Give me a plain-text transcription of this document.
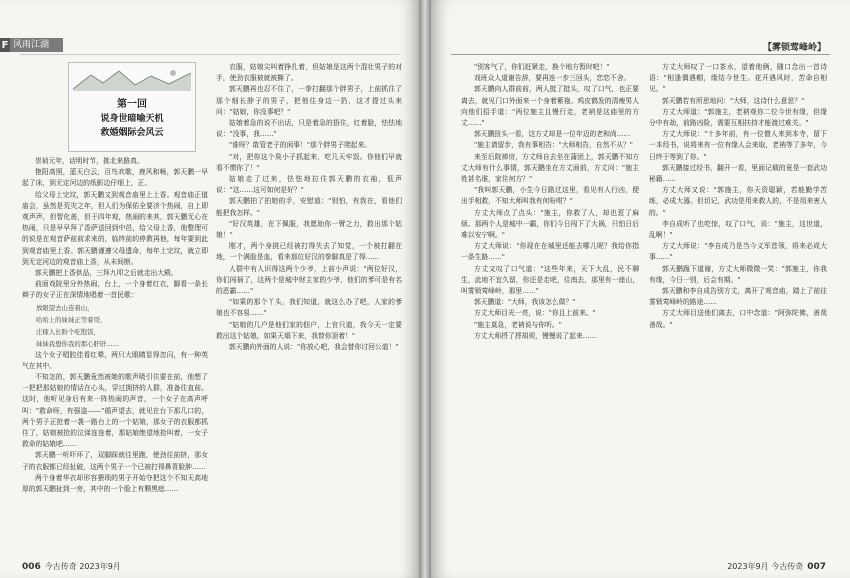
F 风雨江湖
第一回
说身世暗喻天机
救婚姻际会风云

崇祯元年，话明时节，挑北来路真。

艳阳高照，蓝天白云，百鸟欢歌，鹿风和畅，郭天鹏一早起了床，到无定河边的纸影边仔细上，正。

给父母上完坟，郭天鹏又到观音庙里上上香。观音庙正值庙会，虽然是荒灾之年，但人们为保佑全要济个热闹，自上即观声声，但智化善，但于四年观，热闹的来其，郭天鹏无心在热闹，只是早早拜了香萨送回到中邑，给父母上香，他整理可的说是在观音萨前前求来的，临终前的停教再他，每年要到此到观音庙里上香。郭天鹏谨遵父母遗命，每年上完坟，就立即到无定河边的观音庙上香，从未间断。

郭天鹏把上香供品，三拜九叩之后就走出大殿。

前面戏院里分外热闹，台上，一个身着红衣，脚看一条长辫子的女子正在深情地唱着一首民歌：

放眼望去山连着山，
哈哈上的妹妹正等着哥，
庄稼人长盼个吃饱饭，
妹妹我想你我的那心肝肝……

这个女子唱腔佳看红晕，两只大眼睛显得忽闪，有一种英气在其中。

不知怎的，郭天鹏竟然被她的歌声吸引住要在前，他想了一把把那姑娘的情话在心头，穿过拥挤的人群，准备往直前。这时，他听见身后有来一阵热闹的声音，一个女子在高声呼叫："救命呀，有强盗——"循声望去，就见在台下那几口的，两个男子正抢着一袭一路台上的一个姑娘，那女子的衣服都抓住了，姑娘被抢的泣涕连连着，那姑娘绝望地抢叫着，一女子救命的姑娘吧……

郭天鹏一听吓坏了，双脚踩就往里跑，使劲往前挤，那女子的衣服都已经扯破，这两个男子一个已被打得鼻青脸肿……

两个身着华衣却形容猥琐的男子开始夺把这个不知天高地厚的郭天鹏扯到一旁，其中的一个脸上有颗黑痣……

衣服，姑娘尖叫着挣扎着，但姑娘是这两个混壮男子的对手，使劲衣服被就被撕了。

郭天鹏再也忍不住了，一拳打翻那个胖男子，上前抓住了那个细长脖子的男子，把他往身边一扔，这才提过头来问："姑娘，你没事吧？"

姑娘着急的说不出话，只是着急的捂住，红着脸，怯怯地说："没事，我……"

"谁呀？敢管老子的闲事！"那个胖男子爬起来。

"对，把你这个臭小子抓起来，吃几天牢饭。你他们早就看不惯你了！"

姑娘走了过来，怯怯地拉住郭天鹏的衣袖，低声说："这……这可如何是好？"

郭天鹏拍了拍她的手，安慰道："别怕，有我在，看他们能把我怎样。"

"好汉英雄，在下佩服，我愿助你一臂之力，救出那个姑娘！"

刚才，两个身挑已经被打得失去了知觉，一个被打翻在地，一个满脸是血，看来那位好汉的拳脚真是了得……

人群中有人识得这两个少爷，上前小声说："两位好汉，你们闯祸了，这两个是城中财主家的少爷，他们的爹可是有名的恶霸……"

"如果的那个丫头，我们知道，就这么办了吧，人家的爹娘也不容易……"

"姑娘的几户是他们家的佃户，上官只道，我今天一定要救出这个姑娘，如果天塌下来，我替你顶着！"

郭天鹏向外面的人说："你放心吧，我会替你讨回公道！"

006 今古传奇 2023年9月
【雾锁莺峰岭】

"别客气了，你们赶紧走，换个地方暂时吧！"

戏班众人道谢告辞，要再连一步三回头，恋恋不舍。

郭天鹏向人群前前，两人挺了挺头，叹了口气，也正要离去，就见门口外面来一个身着紫袍、鸡皮鹤发的清瘦男人向他们招手道："两位施主且慢行走，老衲是这庙里的方丈……"

郭天鹏扭头一看，这方丈却是一位年迈的老和尚……

"施主请留步，我有事相告："大师相告，自然不从？"

来至后院禅房，方丈师自去坐在蒲团上，郭天鹏不知方丈大师有什么事情，郭天鹏坐在方丈面前，方丈问："施主姓甚名谁，家住何方？"

"我叫郭天鹏，小生今日路过这里，看见有人行凶，便出手相救，不知大师叫我有何吩咐？"

方丈大师点了点头："施主，你救了人，却也惹了麻烦。那两个人是城中一霸，你们今日闯下了大祸，只怕日后难以安宁啊。"

方丈大师说："你现在在城里还能去哪儿呢？我给你指一条生路……"

方丈又叹了口气道："这些年来，天下大乱，民不聊生，此地不宜久留，你还是走吧，往南去，那里有一座山，叫雾锁莺峰岭，那里……"

郭天鹏道："大师，我该怎么做？"

方丈大师目光一亮，说："你且上前来。"

"施主莫急，老衲说与你听。"

方丈大师捋了捋胡须，慢慢说了起来……

方丈大师叹了一口茶水，望着他俩，随口念出一首诗语："相逢偶遇帽，缘结今世生。花开遇风时，苦命自相见。"

郭天鹏若有所思地问："大师，这诗什么意思？"

方丈大师道："郭施主，老衲观你二位今世有缘，但缘分中有劫，前路凶险，需要互相扶持才能渡过难关。"

方丈大师说："十多年前，有一位僧人来到本寺，留下一本经书，说将来有一位有缘人会来取，老衲等了多年，今日终于等到了你。"

郭天鹏接过经书，翻开一看，里面记载的竟是一套武功秘籍……

方丈大师又说："郭施主，你天资聪颖，若能勤学苦练，必成大器。但切记，武功是用来救人的，不是用来害人的。"

李自成听了也吃惊，叹了口气，说："施主，这世道，乱啊！"

方丈大师说："李自成乃是当今义军首领，将来必成大事……"

郭天鹏跪下道谢，方丈大师微微一笑："郭施主，你我有缘，今日一别，后会有期。"

郭天鹏和李自成告别方丈，离开了观音庙，踏上了前往雾锁莺峰岭的路途……

方丈大师目送他们离去，口中念道："阿弥陀佛，善哉善哉。"

2023年9月 今古传奇 007
